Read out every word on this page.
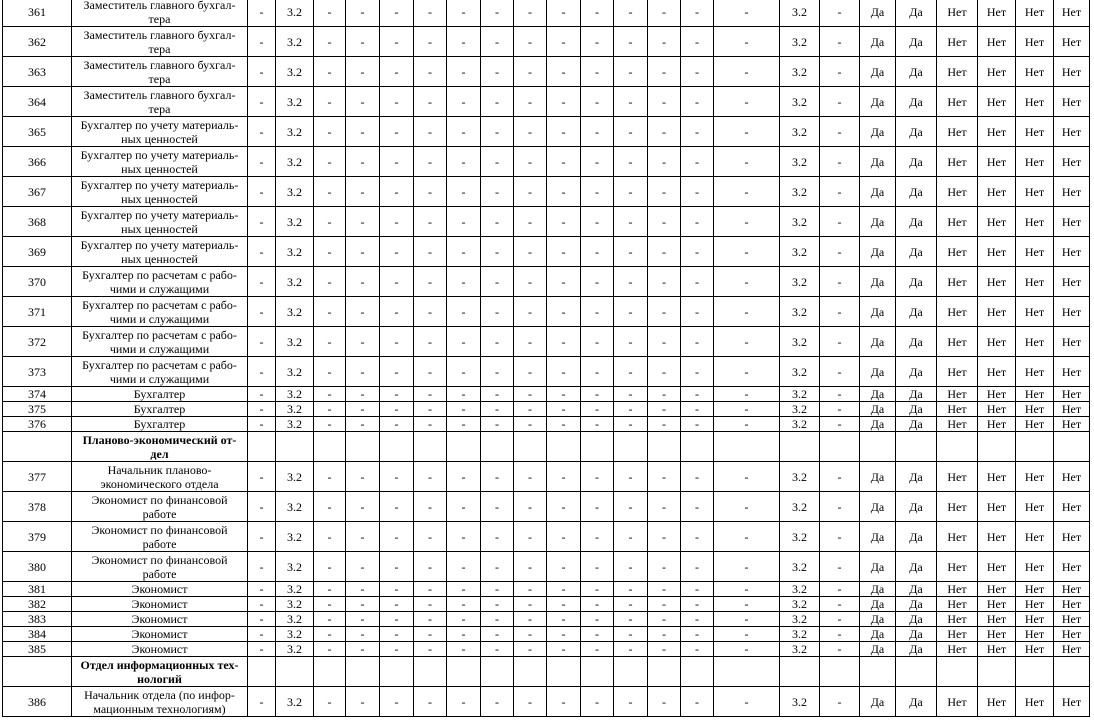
361	Заместитель главного бухгал-
тера	-	3.2	-	-	-	-	-	-	-	-	-	-	-	-	-	3.2	-	Да	Да	Нет	Нет	Нет	Нет
362	Заместитель главного бухгал-
тера	-	3.2	-	-	-	-	-	-	-	-	-	-	-	-	-	3.2	-	Да	Да	Нет	Нет	Нет	Нет
363	Заместитель главного бухгал-
тера	-	3.2	-	-	-	-	-	-	-	-	-	-	-	-	-	3.2	-	Да	Да	Нет	Нет	Нет	Нет
364	Заместитель главного бухгал-
тера	-	3.2	-	-	-	-	-	-	-	-	-	-	-	-	-	3.2	-	Да	Да	Нет	Нет	Нет	Нет
365	Бухгалтер по учету материаль-
ных ценностей	-	3.2	-	-	-	-	-	-	-	-	-	-	-	-	-	3.2	-	Да	Да	Нет	Нет	Нет	Нет
366	Бухгалтер по учету материаль-
ных ценностей	-	3.2	-	-	-	-	-	-	-	-	-	-	-	-	-	3.2	-	Да	Да	Нет	Нет	Нет	Нет
367	Бухгалтер по учету материаль-
ных ценностей	-	3.2	-	-	-	-	-	-	-	-	-	-	-	-	-	3.2	-	Да	Да	Нет	Нет	Нет	Нет
368	Бухгалтер по учету материаль-
ных ценностей	-	3.2	-	-	-	-	-	-	-	-	-	-	-	-	-	3.2	-	Да	Да	Нет	Нет	Нет	Нет
369	Бухгалтер по учету материаль-
ных ценностей	-	3.2	-	-	-	-	-	-	-	-	-	-	-	-	-	3.2	-	Да	Да	Нет	Нет	Нет	Нет
370	Бухгалтер по расчетам с рабо-
чими и служащими	-	3.2	-	-	-	-	-	-	-	-	-	-	-	-	-	3.2	-	Да	Да	Нет	Нет	Нет	Нет
371	Бухгалтер по расчетам с рабо-
чими и служащими	-	3.2	-	-	-	-	-	-	-	-	-	-	-	-	-	3.2	-	Да	Да	Нет	Нет	Нет	Нет
372	Бухгалтер по расчетам с рабо-
чими и служащими	-	3.2	-	-	-	-	-	-	-	-	-	-	-	-	-	3.2	-	Да	Да	Нет	Нет	Нет	Нет
373	Бухгалтер по расчетам с рабо-
чими и служащими	-	3.2	-	-	-	-	-	-	-	-	-	-	-	-	-	3.2	-	Да	Да	Нет	Нет	Нет	Нет
374	Бухгалтер	-	3.2	-	-	-	-	-	-	-	-	-	-	-	-	-	3.2	-	Да	Да	Нет	Нет	Нет	Нет
375	Бухгалтер	-	3.2	-	-	-	-	-	-	-	-	-	-	-	-	-	3.2	-	Да	Да	Нет	Нет	Нет	Нет
376	Бухгалтер	-	3.2	-	-	-	-	-	-	-	-	-	-	-	-	-	3.2	-	Да	Да	Нет	Нет	Нет	Нет

	Планово-экономический от-
дел																							

377	Начальник планово-
экономического отдела	-	3.2	-	-	-	-	-	-	-	-	-	-	-	-	-	3.2	-	Да	Да	Нет	Нет	Нет	Нет
378	Экономист по финансовой
работе	-	3.2	-	-	-	-	-	-	-	-	-	-	-	-	-	3.2	-	Да	Да	Нет	Нет	Нет	Нет
379	Экономист по финансовой
работе	-	3.2	-	-	-	-	-	-	-	-	-	-	-	-	-	3.2	-	Да	Да	Нет	Нет	Нет	Нет
380	Экономист по финансовой
работе	-	3.2	-	-	-	-	-	-	-	-	-	-	-	-	-	3.2	-	Да	Да	Нет	Нет	Нет	Нет
381	Экономист	-	3.2	-	-	-	-	-	-	-	-	-	-	-	-	-	3.2	-	Да	Да	Нет	Нет	Нет	Нет
382	Экономист	-	3.2	-	-	-	-	-	-	-	-	-	-	-	-	-	3.2	-	Да	Да	Нет	Нет	Нет	Нет
383	Экономист	-	3.2	-	-	-	-	-	-	-	-	-	-	-	-	-	3.2	-	Да	Да	Нет	Нет	Нет	Нет
384	Экономист	-	3.2	-	-	-	-	-	-	-	-	-	-	-	-	-	3.2	-	Да	Да	Нет	Нет	Нет	Нет
385	Экономист	-	3.2	-	-	-	-	-	-	-	-	-	-	-	-	-	3.2	-	Да	Да	Нет	Нет	Нет	Нет

	Отдел информационных тех-
нологий																							

386	Начальник отдела (по инфор-
мационным технологиям)	-	3.2	-	-	-	-	-	-	-	-	-	-	-	-	-	3.2	-	Да	Да	Нет	Нет	Нет	Нет
